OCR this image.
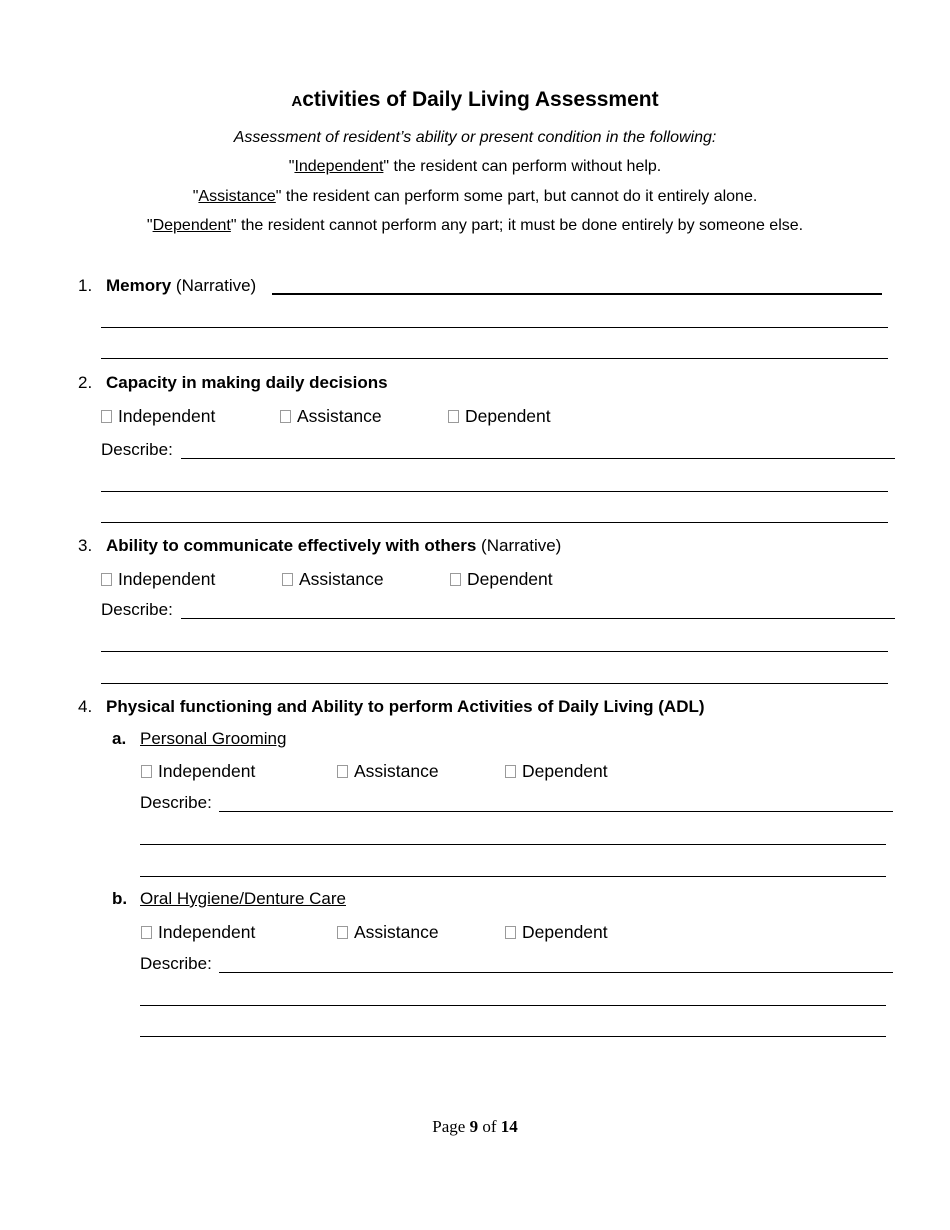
Activities of Daily Living Assessment
Assessment of resident’s ability or present condition in the following:
"Independent" the resident can perform without help.
"Assistance" the resident can perform some part, but cannot do it entirely alone.
"Dependent" the resident cannot perform any part; it must be done entirely by someone else.
1. Memory (Narrative)
2. Capacity in making daily decisions
Independent	Assistance	Dependent
Describe:
3. Ability to communicate effectively with others (Narrative)
Independent	Assistance	Dependent
Describe:
4. Physical functioning and Ability to perform Activities of Daily Living (ADL)
a. Personal Grooming
Independent	Assistance	Dependent
Describe:
b. Oral Hygiene/Denture Care
Independent	Assistance	Dependent
Describe:
Page 9 of 14
